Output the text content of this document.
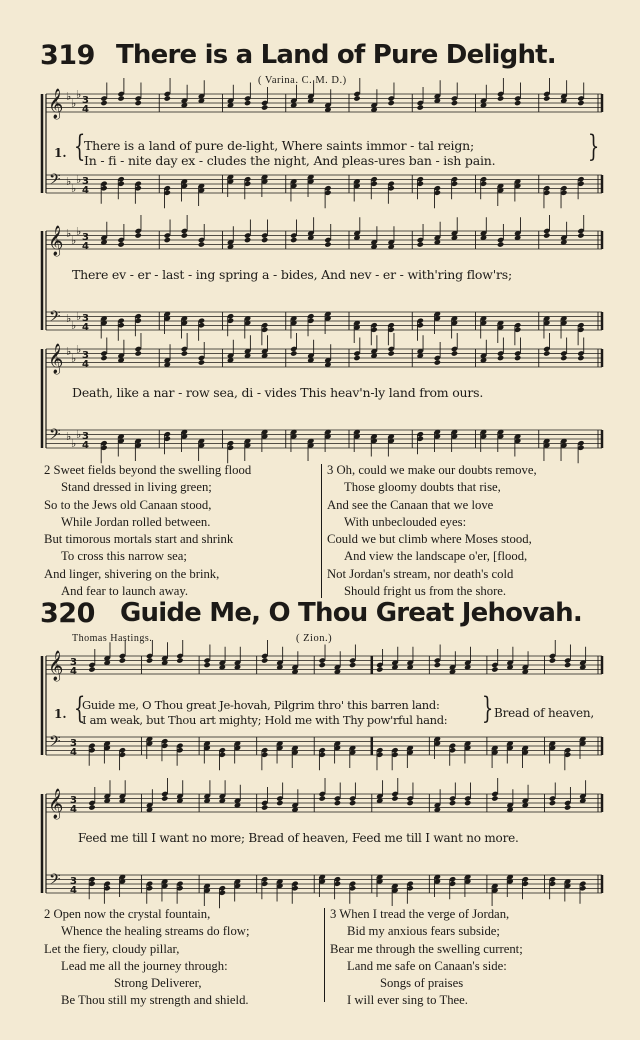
319 There is a Land of Pure Delight.
( Varina. C. M. D.)
𝄞 ♭
♭
♭ 3
4
𝄢 ♭
♭
♭ 3
4
{
1. There is a land of pure de-light, Where saints immor - tal reign;
In - fi - nite day ex - cludes the night, And pleas-ures ban - ish pain.	}
𝄞 ♭
♭
♭ 3
4
𝄢 ♭
♭
♭ 3
4
There ev - er - last - ing spring a - bides, And nev - er - with'ring flow'rs;
𝄞 ♭
♭
♭ 3
4
𝄢 ♭
♭
♭ 3
4
Death, like a nar - row sea, di - vides This heav'n-ly land from ours.
2 Sweet fields beyond the swelling flood
Stand dressed in living green;
So to the Jews old Canaan stood,
While Jordan rolled between.
But timorous mortals start and shrink
To cross this narrow sea;
And linger, shivering on the brink,
And fear to launch away.
3 Oh, could we make our doubts remove,
Those gloomy doubts that rise,
And see the Canaan that we love
With unbeclouded eyes:
Could we but climb where Moses stood,
And view the landscape o'er, [flood,
Not Jordan's stream, nor death's cold
Should fright us from the shore.
320 Guide Me, O Thou Great Jehovah.
Thomas Hastings.	( Zion.)
𝄞 3
4
𝄢 3
4
{
1.
Guide me, O Thou great Je-hovah, Pilgrim thro' this barren land:
I am weak, but Thou art mighty; Hold me with Thy pow'rful hand: } Bread of heaven,
𝄞 3
4
𝄢 3
4
Feed me till I want no more; Bread of heaven, Feed me till I want no more.
2 Open now the crystal fountain,
Whence the healing streams do flow;
Let the fiery, cloudy pillar,
Lead me all the journey through:
Strong Deliverer,
Be Thou still my strength and shield.
3 When I tread the verge of Jordan,
Bid my anxious fears subside;
Bear me through the swelling current;
Land me safe on Canaan's side:
Songs of praises
I will ever sing to Thee.
